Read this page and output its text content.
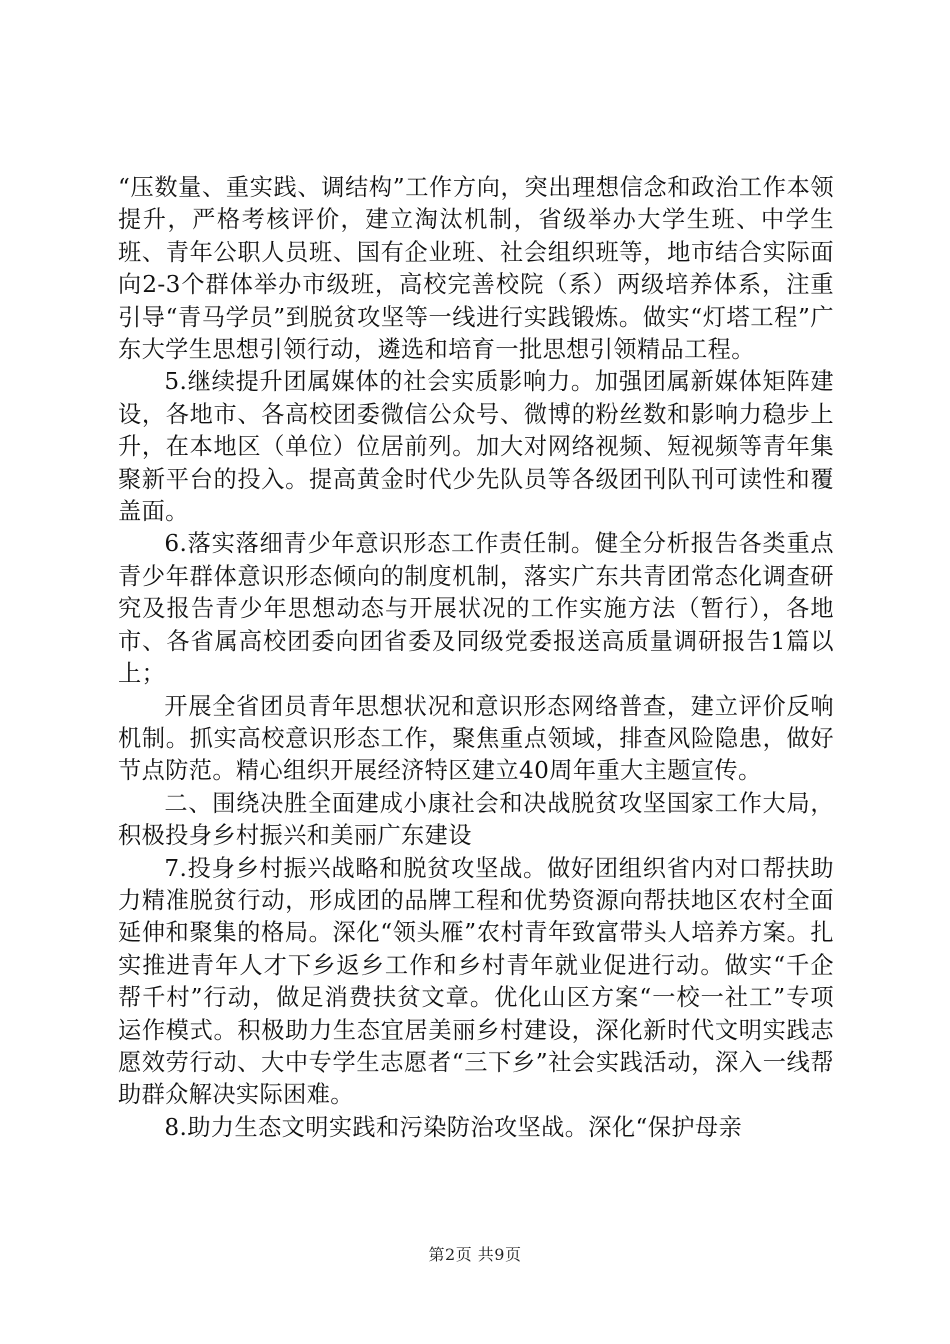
“压数量、重实践、调结构”工作方向，突出理想信念和政治工作本领提升，严格考核评价，建立淘汰机制，省级举办大学生班、中学生班、青年公职人员班、国有企业班、社会组织班等，地市结合实际面向2-3个群体举办市级班，高校完善校院（系）两级培养体系，注重引导“青马学员”到脱贫攻坚等一线进行实践锻炼。做实“灯塔工程”广东大学生思想引领行动，遴选和培育一批思想引领精品工程。

5.继续提升团属媒体的社会实质影响力。加强团属新媒体矩阵建设，各地市、各高校团委微信公众号、微博的粉丝数和影响力稳步上升，在本地区（单位）位居前列。加大对网络视频、短视频等青年集聚新平台的投入。提高黄金时代少先队员等各级团刊队刊可读性和覆盖面。

6.落实落细青少年意识形态工作责任制。健全分析报告各类重点青少年群体意识形态倾向的制度机制，落实广东共青团常态化调查研究及报告青少年思想动态与开展状况的工作实施方法（暂行），各地市、各省属高校团委向团省委及同级党委报送高质量调研报告1篇以上；

开展全省团员青年思想状况和意识形态网络普查，建立评价反响机制。抓实高校意识形态工作，聚焦重点领域，排查风险隐患，做好节点防范。精心组织开展经济特区建立40周年重大主题宣传。

二、围绕决胜全面建成小康社会和决战脱贫攻坚国家工作大局，积极投身乡村振兴和美丽广东建设

7.投身乡村振兴战略和脱贫攻坚战。做好团组织省内对口帮扶助力精准脱贫行动，形成团的品牌工程和优势资源向帮扶地区农村全面延伸和聚集的格局。深化“领头雁”农村青年致富带头人培养方案。扎实推进青年人才下乡返乡工作和乡村青年就业促进行动。做实“千企帮千村”行动，做足消费扶贫文章。优化山区方案“一校一社工”专项运作模式。积极助力生态宜居美丽乡村建设，深化新时代文明实践志愿效劳行动、大中专学生志愿者“三下乡”社会实践活动，深入一线帮助群众解决实际困难。

8.助力生态文明实践和污染防治攻坚战。深化“保护母亲

第2页 共9页
